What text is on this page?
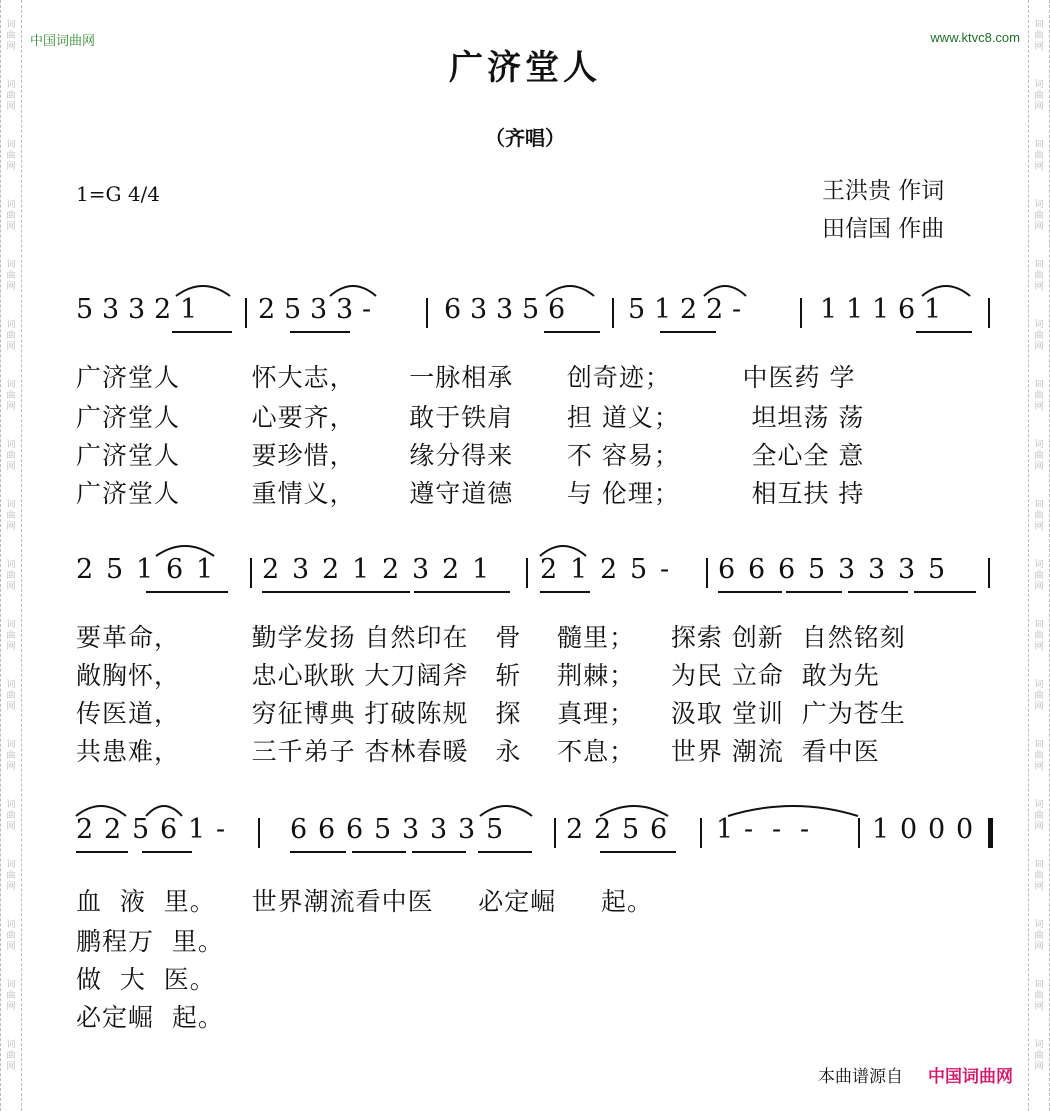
词
曲
网
词
曲
网
词
曲
网
词
曲
网
词
曲
网
词
曲
网
词
曲
网
词
曲
网
词
曲
网
词
曲
网
词
曲
网
词
曲
网
词
曲
网
词
曲
网
词
曲
网
词
曲
网
词
曲
网
词
曲
网
词
曲
网
词
曲
网
词
曲
网
词
曲
网
词
曲
网
词
曲
网
词
曲
网
词
曲
网
词
曲
网
词
曲
网
词
曲
网
词
曲
网
词
曲
网
词
曲
网
词
曲
网
词
曲
网
词
曲
网
词
曲
网
中国词曲网	www.ktvc8.com
广济堂人
（齐唱）
1=G 4/4	王洪贵 作词
田信国 作曲
5 3 3 2 1 2 5 3 3 -	6 3 3 5 6 5 1 2 2 -	1 1 1 6 1
2 5 1 6 1 2 3 2 1 2 3 2 1 2 1 2 5 - 6 6 6 5 3 3 3 5
2 2 5 6 1 - 6 6 6 5 3 3 3 5 2 2 5 6 1 - - - 1 0 0 0
广济堂人        怀大志，      一脉相承      创奇迹；        中医药 学
广济堂人        心要齐，      敢于铁肩      担 道义；        坦坦荡 荡
广济堂人        要珍惜，      缘分得来      不 容易；        全心全 意
广济堂人        重情义，      遵守道德      与 伦理；        相互扶 持
要革命，        勤学发扬 自然印在   骨    髓里；    探索 创新  自然铭刻
敞胸怀，        忠心耿耿 大刀阔斧   斩    荆棘；    为民 立命  敢为先
传医道，        穷征博典 打破陈规   探    真理；    汲取 堂训  广为苍生
共患难，        三千弟子 杏林春暖   永    不息；    世界 潮流  看中医
血  液  里。    世界潮流看中医     必定崛     起。
鹏程万  里。
做  大  医。
必定崛  起。
本曲谱源自 中国词曲网
